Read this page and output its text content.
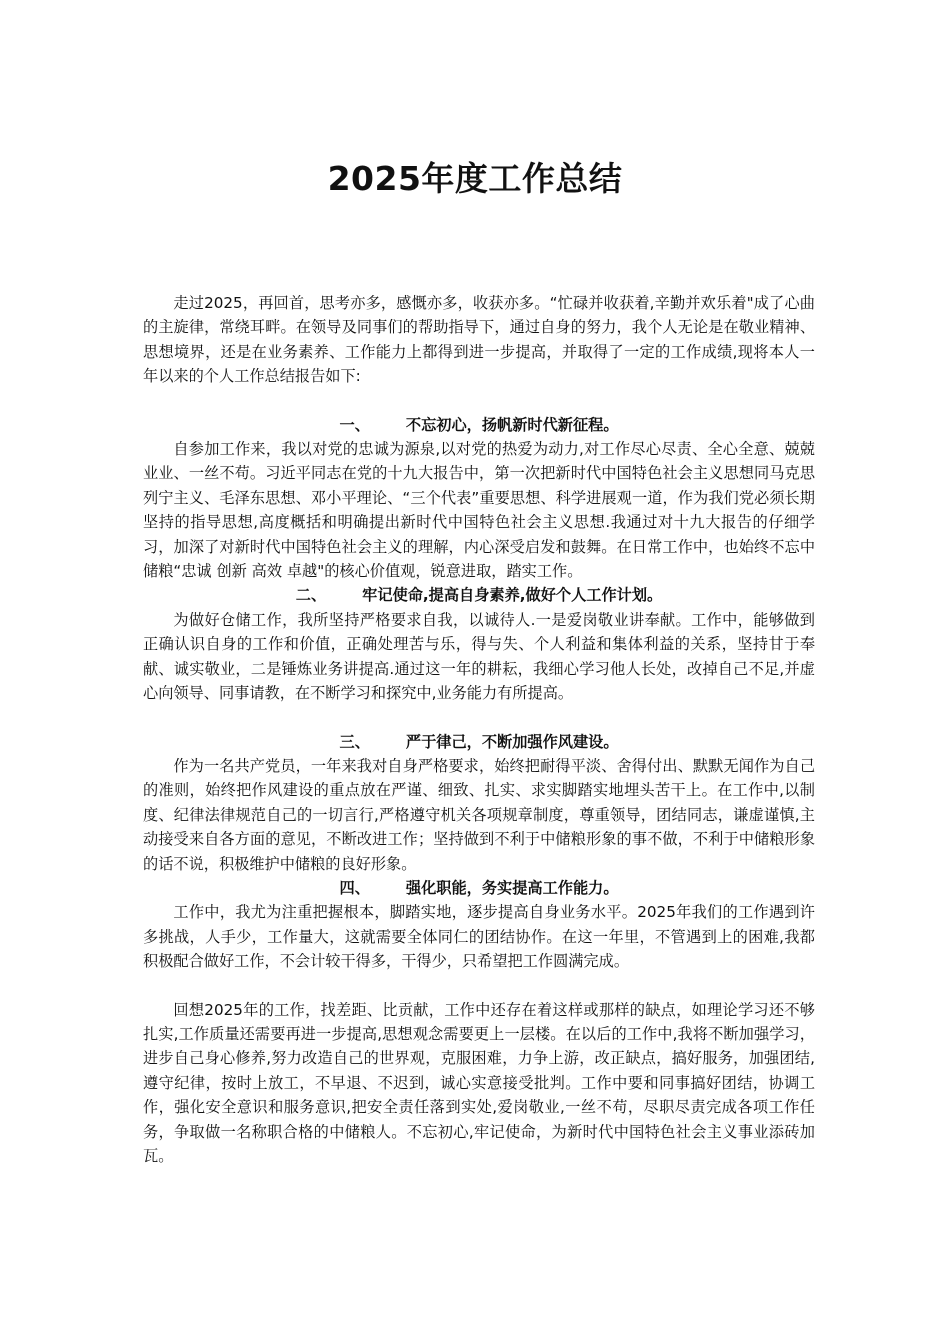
2025年度工作总结

走过2025，再回首，思考亦多，感慨亦多，收获亦多。“忙碌并收获着,辛勤并欢乐着"成了心曲的主旋律，常绕耳畔。在领导及同事们的帮助指导下，通过自身的努力，我个人无论是在敬业精神、思想境界，还是在业务素养、工作能力上都得到进一步提高，并取得了一定的工作成绩,现将本人一年以来的个人工作总结报告如下:

一、 不忘初心，扬帆新时代新征程。

自参加工作来，我以对党的忠诚为源泉,以对党的热爱为动力,对工作尽心尽责、全心全意、兢兢业业、一丝不苟。习近平同志在党的十九大报告中，第一次把新时代中国特色社会主义思想同马克思列宁主义、毛泽东思想、邓小平理论、“三个代表”重要思想、科学进展观一道，作为我们党必须长期坚持的指导思想,高度概括和明确提出新时代中国特色社会主义思想.我通过对十九大报告的仔细学习，加深了对新时代中国特色社会主义的理解，内心深受启发和鼓舞。在日常工作中，也始终不忘中储粮“忠诚 创新 高效 卓越"的核心价值观，锐意进取，踏实工作。

二、 牢记使命,提高自身素养,做好个人工作计划。

为做好仓储工作，我所坚持严格要求自我，以诚待人.一是爱岗敬业讲奉献。工作中，能够做到正确认识自身的工作和价值，正确处理苦与乐，得与失、个人利益和集体利益的关系，坚持甘于奉献、诚实敬业，二是锤炼业务讲提高.通过这一年的耕耘，我细心学习他人长处，改掉自己不足,并虚心向领导、同事请教，在不断学习和探究中,业务能力有所提高。

三、 严于律己，不断加强作风建设。

作为一名共产党员，一年来我对自身严格要求，始终把耐得平淡、舍得付出、默默无闻作为自己的准则，始终把作风建设的重点放在严谨、细致、扎实、求实脚踏实地埋头苦干上。在工作中,以制度、纪律法律规范自己的一切言行,严格遵守机关各项规章制度，尊重领导，团结同志，谦虚谨慎,主动接受来自各方面的意见，不断改进工作；坚持做到不利于中储粮形象的事不做，不利于中储粮形象的话不说，积极维护中储粮的良好形象。

四、 强化职能，务实提高工作能力。

工作中，我尤为注重把握根本，脚踏实地，逐步提高自身业务水平。2025年我们的工作遇到许多挑战，人手少，工作量大，这就需要全体同仁的团结协作。在这一年里，不管遇到上的困难,我都积极配合做好工作，不会计较干得多，干得少，只希望把工作圆满完成。

回想2025年的工作，找差距、比贡献，工作中还存在着这样或那样的缺点，如理论学习还不够扎实,工作质量还需要再进一步提高,思想观念需要更上一层楼。在以后的工作中,我将不断加强学习，进步自己身心修养,努力改造自己的世界观，克服困难，力争上游，改正缺点，搞好服务，加强团结,遵守纪律，按时上放工，不早退、不迟到，诚心实意接受批判。工作中要和同事搞好团结，协调工作，强化安全意识和服务意识,把安全责任落到实处,爱岗敬业,一丝不苟，尽职尽责完成各项工作任务，争取做一名称职合格的中储粮人。不忘初心,牢记使命，为新时代中国特色社会主义事业添砖加瓦。
